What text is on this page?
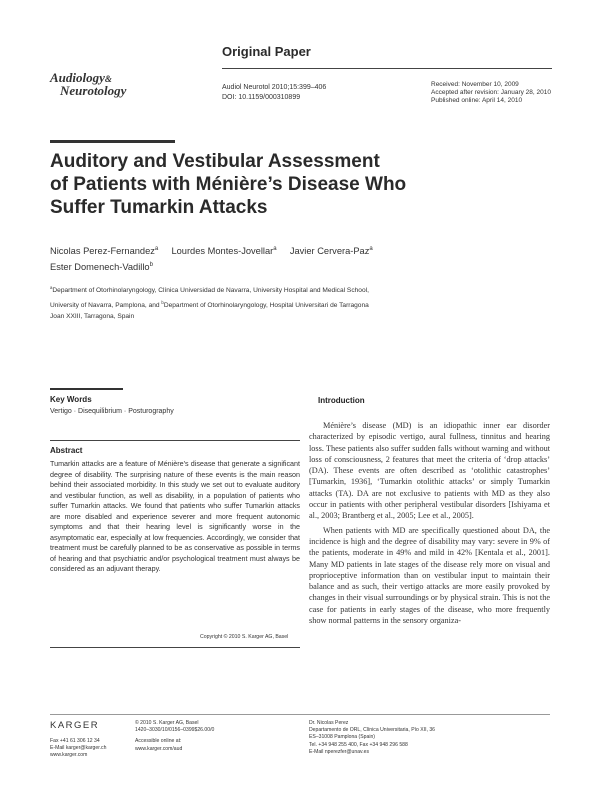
Original Paper
Audiology&
Neurotology	Audiol Neurotol 2010;15:399–406
DOI: 10.1159/000310899
Received: November 10, 2009
Accepted after revision: January 28, 2010
Published online: April 14, 2010
Auditory and Vestibular Assessment
of Patients with Ménière’s Disease Who
Suffer Tumarkin Attacks
Nicolas Perez-Fernandez$^a$ Lourdes Montes-Jovellar$^a$ Javier Cervera-Paz$^a$
Ester Domenech-Vadillo$^b$
$^a$Department of Otorhinolaryngology, Clínica Universidad de Navarra, University Hospital and Medical School,
University of Navarra, Pamplona, and $^b$Department of Otorhinolaryngology, Hospital Universitari de Tarragona
Joan XXIII, Tarragona, Spain
Key Words
Vertigo · Disequilibrium · Posturography
Abstract
Tumarkin attacks are a feature of Ménière’s disease that generate a significant degree of disability. The surprising nature of these events is the main reason behind their associated morbidity. In this study we set out to evaluate auditory and vestibular function, as well as disability, in a population of patients who suffer Tumarkin attacks. We found that patients who suffer Tumarkin attacks are more disabled and experience severer and more frequent autonomic symptoms and that their hearing level is significantly worse in the asymptomatic ear, especially at low frequencies. Accordingly, we consider that treatment must be carefully planned to be as conservative as possible in terms of hearing and that psychiatric and/or psychological treatment must always be considered as an adjuvant therapy.
Copyright © 2010 S. Karger AG, Basel
Introduction

Ménière’s disease (MD) is an idiopathic inner ear disorder characterized by episodic vertigo, aural fullness, tinnitus and hearing loss. These patients also suffer sudden falls without warning and without loss of consciousness, 2 features that meet the criteria of ‘drop attacks’ (DA). These events are often described as ‘otolithic catastrophes’ [Tumarkin, 1936], ‘Tumarkin otolithic attacks’ or simply Tumarkin attacks (TA). DA are not exclusive to patients with MD as they also occur in patients with other peripheral vestibular disorders [Ishiyama et al., 2003; Brantberg et al., 2005; Lee et al., 2005].

When patients with MD are specifically questioned about DA, the incidence is high and the degree of disability may vary: severe in 9% of the patients, moderate in 49% and mild in 42% [Kentala et al., 2001]. Many MD patients in late stages of the disease rely more on visual and proprioceptive information than on vestibular input to maintain their balance and as such, their vertigo attacks are more easily provoked by changes in their visual surroundings or by physical strain. This is not the case for patients in early stages of the disease, who more frequently show normal patterns in the sensory organiza-

KARGER
Fax +41 61 306 12 34
E-Mail karger@karger.ch
www.karger.com
© 2010 S. Karger AG, Basel
1420–3030/10/0156–0399$26.00/0
Accessible online at:
www.karger.com/aud
Dr. Nicolas Perez
Departamento de ORL, Clínica Universitaria, Pío XII, 36
ES–31008 Pamplona (Spain)
Tel. +34 948 255 400, Fax +34 948 296 588
E-Mail nperezfer@unav.es
